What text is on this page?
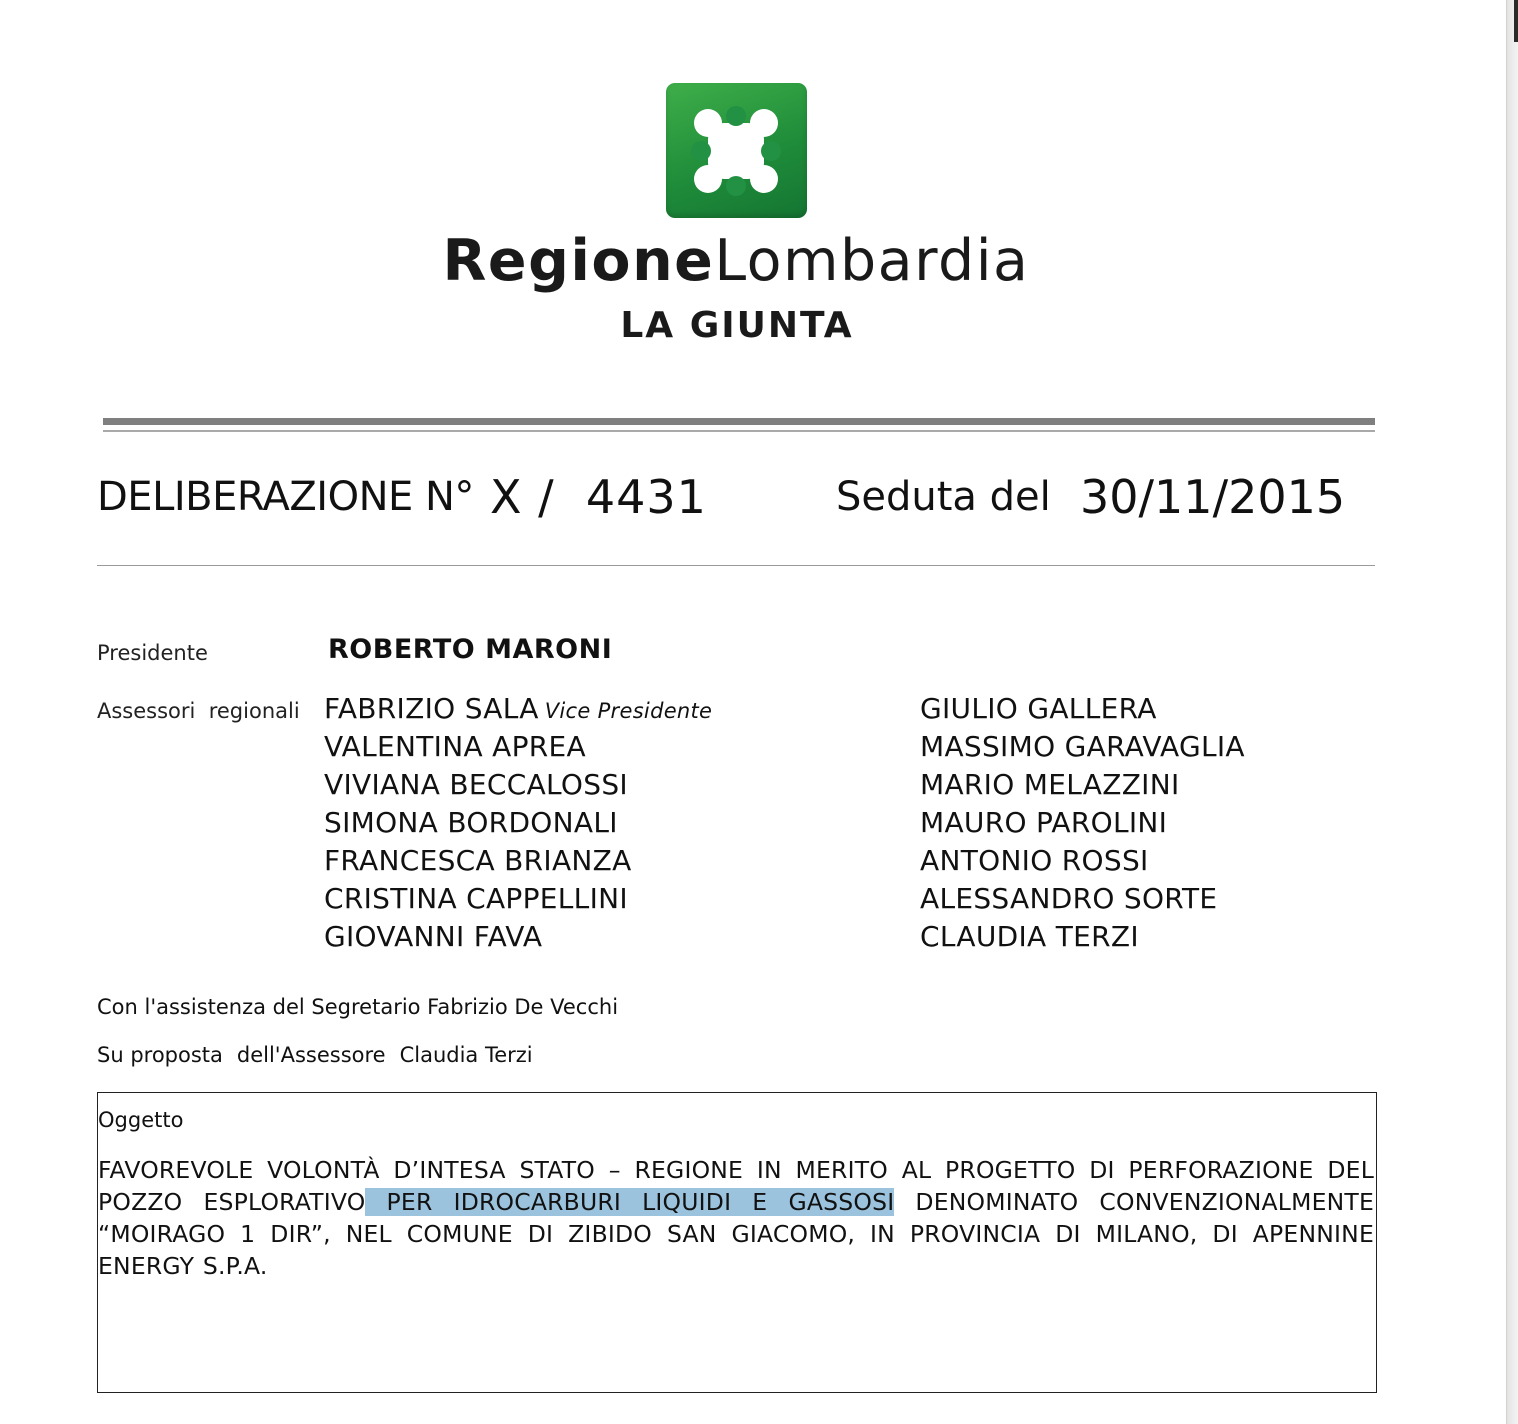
RegioneLombardia
LA GIUNTA
DELIBERAZIONE N° X /  4431	Seduta del 30/11/2015
Presidente	ROBERTO MARONI
Assessori  regionali FABRIZIO SALA Vice Presidente
VALENTINA APREA
VIVIANA BECCALOSSI
SIMONA BORDONALI
FRANCESCA BRIANZA
CRISTINA CAPPELLINI
GIOVANNI FAVA
GIULIO GALLERA
MASSIMO GARAVAGLIA
MARIO MELAZZINI
MAURO PAROLINI
ANTONIO ROSSI
ALESSANDRO SORTE
CLAUDIA TERZI
Con l'assistenza del Segretario Fabrizio De Vecchi
Su proposta dell'Assessore Claudia Terzi
Oggetto
FAVOREVOLE VOLONTÀ D’INTESA STATO – REGIONE IN MERITO AL PROGETTO DI PERFORAZIONE DEL POZZO ESPLORATIVO PER IDROCARBURI LIQUIDI E GASSOSI DENOMINATO CONVENZIONALMENTE “MOIRAGO 1 DIR”, NEL COMUNE DI ZIBIDO SAN GIACOMO, IN PROVINCIA DI MILANO, DI APENNINE ENERGY S.P.A.
